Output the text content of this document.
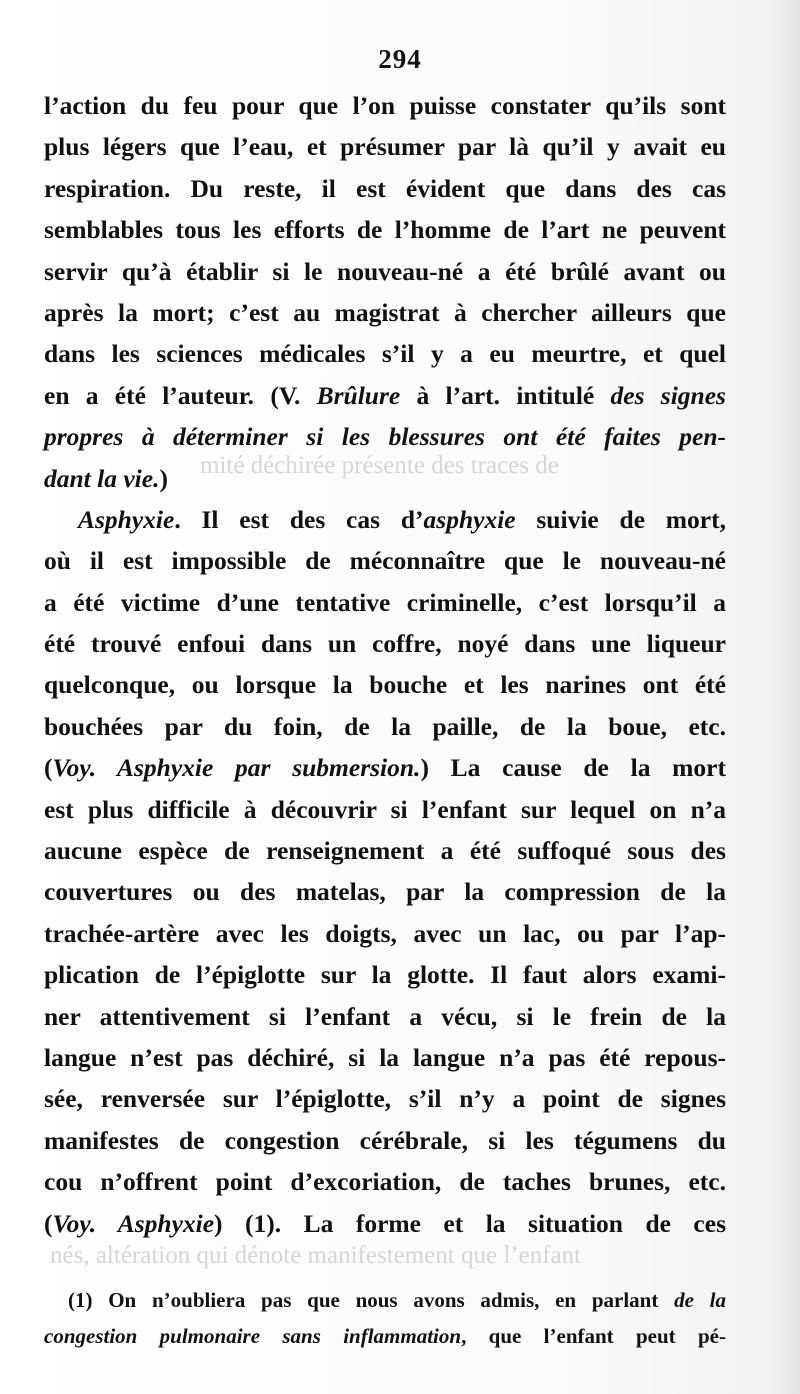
294
mité déchirée présente des traces de
nés, altération qui dénote manifestement que l’enfant
l’action du feu pour que l’on puisse constater qu’ils sont
plus légers que l’eau, et présumer par là qu’il y avait eu
respiration. Du reste, il est évident que dans des cas
semblables tous les efforts de l’homme de l’art ne peuvent
servir qu’à établir si le nouveau-né a été brûlé avant ou
après la mort; c’est au magistrat à chercher ailleurs que
dans les sciences médicales s’il y a eu meurtre, et quel
en a été l’auteur. (V. Brûlure à l’art. intitulé des signes
propres à déterminer si les blessures ont été faites pen-
dant la vie.)
Asphyxie. Il est des cas d’asphyxie suivie de mort,
où il est impossible de méconnaître que le nouveau-né
a été victime d’une tentative criminelle, c’est lorsqu’il a
été trouvé enfoui dans un coffre, noyé dans une liqueur
quelconque, ou lorsque la bouche et les narines ont été
bouchées par du foin, de la paille, de la boue, etc.
(Voy. Asphyxie par submersion.) La cause de la mort
est plus difficile à découvrir si l’enfant sur lequel on n’a
aucune espèce de renseignement a été suffoqué sous des
couvertures ou des matelas, par la compression de la
trachée-artère avec les doigts, avec un lac, ou par l’ap-
plication de l’épiglotte sur la glotte. Il faut alors exami-
ner attentivement si l’enfant a vécu, si le frein de la
langue n’est pas déchiré, si la langue n’a pas été repous-
sée, renversée sur l’épiglotte, s’il n’y a point de signes
manifestes de congestion cérébrale, si les tégumens du
cou n’offrent point d’excoriation, de taches brunes, etc.
(Voy. Asphyxie) (1). La forme et la situation de ces
(1) On n’oubliera pas que nous avons admis, en parlant de la
congestion pulmonaire sans inflammation, que l’enfant peut pé-
